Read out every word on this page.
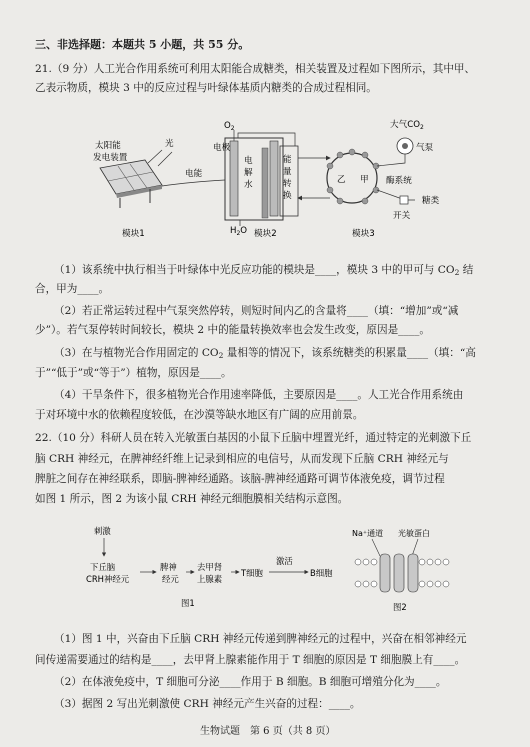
三、非选择题：本题共 5 小题，共 55 分。
21.（9 分）人工光合作用系统可利用太阳能合成糖类，相关装置及过程如下图所示，其中甲、
乙表示物质，模块 3 中的反应过程与叶绿体基质内糖类的合成过程相同。
太阳能
发电装置
光
电能
电极
$O_2$
电
解
水
$H_2O$
能
量
转
换
乙 甲 酶系统
大气$CO_2$
气泵
糖类
开关
模块1	模块2	模块3
（1）该系统中执行相当于叶绿体中光反应功能的模块是____，模块 3 中的甲可与 $CO_2$ 结
合，甲为____。
（2）若正常运转过程中气泵突然停转，则短时间内乙的含量将____（填：“增加”或“减
少”）。若气泵停转时间较长，模块 2 中的能量转换效率也会发生改变，原因是____。
（3）在与植物光合作用固定的 $CO_2$ 量相等的情况下，该系统糖类的积累量____（填：“高
于”“低于”或“等于”）植物，原因是____。
（4）干旱条件下，很多植物光合作用速率降低，主要原因是____。人工光合作用系统由
于对环境中水的依赖程度较低，在沙漠等缺水地区有广阔的应用前景。
22.（10 分）科研人员在转入光敏蛋白基因的小鼠下丘脑中埋置光纤，通过特定的光刺激下丘
脑 CRH 神经元，在脾神经纤维上记录到相应的电信号，从而发现下丘脑 CRH 神经元与
脾脏之间存在神经联系，即脑-脾神经通路。该脑-脾神经通路可调节体液免疫，调节过程
如图 1 所示，图 2 为该小鼠 CRH 神经元细胞膜相关结构示意图。
刺激
下丘脑
CRH神经元
脾神
经元
去甲肾
上腺素
T细胞
激活
B细胞
图1
Na⁺通道 光敏蛋白
图2
（1）图 1 中，兴奋由下丘脑 CRH 神经元传递到脾神经元的过程中，兴奋在相邻神经元
间传递需要通过的结构是____，去甲肾上腺素能作用于 T 细胞的原因是 T 细胞膜上有____。
（2）在体液免疫中，T 细胞可分泌____作用于 B 细胞。B 细胞可增殖分化为____。
（3）据图 2 写出光刺激使 CRH 神经元产生兴奋的过程：____。
生物试题　第 6 页（共 8 页）
